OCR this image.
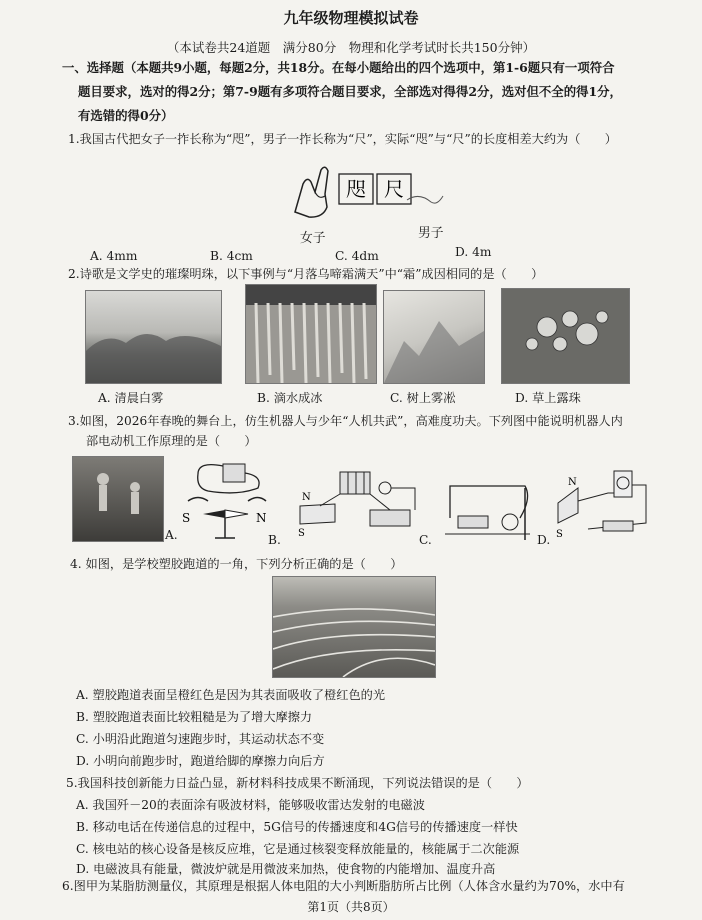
九年级物理模拟试卷
（本试卷共24道题　满分80分　物理和化学考试时长共150分钟）
一、选择题（本题共9小题，每题2分，共18分。在每小题给出的四个选项中，第1-6题只有一项符合
题目要求，选对的得2分；第7-9题有多项符合题目要求，全部选对得得2分，选对但不全的得1分，
有选错的得0分）
1.我国古代把女子一拃长称为“咫”，男子一拃长称为“尺”，实际“咫”与“尺”的长度相差大约为（　　）
咫 尺
女子	男子
A. 4mm	B. 4cm	C. 4dm	D. 4m
2.诗歌是文学史的璀璨明珠，以下事例与“月落乌啼霜满天”中“霜”成因相同的是（　　）
A. 清晨白雾	B. 滴水成冰	C. 树上雾凇	D. 草上露珠
3.如图，2026年春晚的舞台上，仿生机器人与少年“人机共武”，高难度功夫。下列图中能说明机器人内
部电动机工作原理的是（　　）
A.
S	N
B.
N
S	C.	D.
N
S
4. 如图，是学校塑胶跑道的一角，下列分析正确的是（　　）
A. 塑胶跑道表面呈橙红色是因为其表面吸收了橙红色的光
B. 塑胶跑道表面比较粗糙是为了增大摩擦力
C. 小明沿此跑道匀速跑步时，其运动状态不变
D. 小明向前跑步时，跑道给脚的摩擦力向后方
5.我国科技创新能力日益凸显，新材料科技成果不断涌现，下列说法错误的是（　　）
A. 我国歼－20的表面涂有吸波材料，能够吸收雷达发射的电磁波
B. 移动电话在传递信息的过程中，5G信号的传播速度和4G信号的传播速度一样快
C. 核电站的核心设备是核反应堆，它是通过核裂变释放能量的，核能属于二次能源
D. 电磁波具有能量，微波炉就是用微波来加热，使食物的内能增加、温度升高
6.图甲为某脂肪测量仪，其原理是根据人体电阻的大小判断脂肪所占比例（人体含水量约为70%，水中有
第1页（共8页）
